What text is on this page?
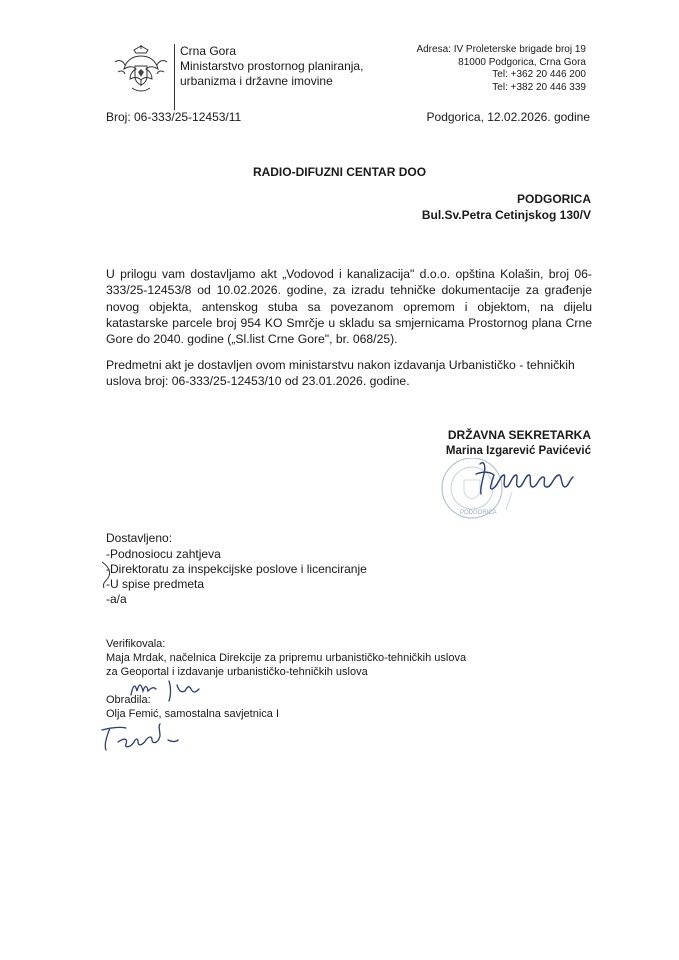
Crna Gora
Ministarstvo prostornog planiranja,
urbanizma i državne imovine
Adresa: IV Proleterske brigade broj 19
81000 Podgorica, Crna Gora
Tel: +362 20 446 200
Tel: +382 20 446 339
Broj: 06-333/25-12453/11	Podgorica, 12.02.2026. godine
RADIO-DIFUZNI CENTAR DOO
PODGORICA
Bul.Sv.Petra Cetinjskog 130/V
U prilogu vam dostavljamo akt „Vodovod i kanalizacija" d.o.o. opština Kolašin, broj 06-333/25-12453/8 od 10.02.2026. godine, za izradu tehničke dokumentacije za građenje novog objekta, antenskog stuba sa povezanom opremom i objektom, na dijelu katastarske parcele broj 954 KO Smrčje u skladu sa smjernicama Prostornog plana Crne Gore do 2040. godine („Sl.list Crne Gore", br. 068/25).
Predmetni akt je dostavljen ovom ministarstvu nakon izdavanja Urbanističko - tehničkih uslova broj: 06-333/25-12453/10 od 23.01.2026. godine.
DRŽAVNA SEKRETARKA
Marina Izgarević Pavićević
PODGORICA
Dostavljeno:
-Podnosiocu zahtjeva
-Direktoratu za inspekcijske poslove i licenciranje
-U spise predmeta
-a/a
Verifikovala:
Maja Mrdak, načelnica Direkcije za pripremu urbanističko-tehničkih uslova
za Geoportal i izdavanje urbanističko-tehničkih uslova
Obradila:
Olja Femić, samostalna savjetnica I
